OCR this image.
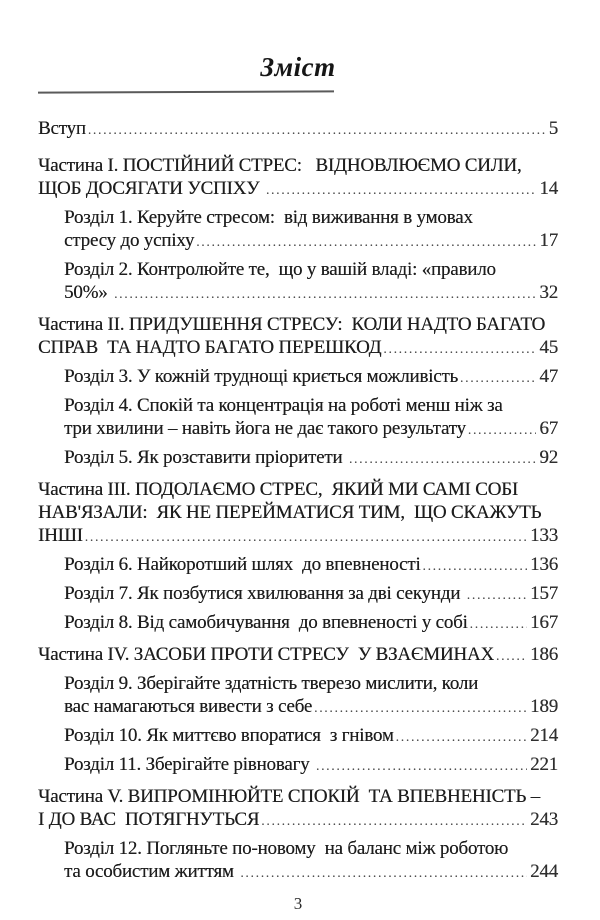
Зміст
Вступ .....	5
Частина I. ПОСТІЙНИЙ СТРЕС:   ВІДНОВЛЮЄМО СИЛИ,
ЩОБ ДОСЯГАТИ УСПІХУ .....	14
Розділ 1. Керуйте стресом:  від виживання в умовах
стресу до успіху .....	17
Розділ 2. Контролюйте те,  що у вашій владі: «правило
50%» .....	32
Частина II. ПРИДУШЕННЯ СТРЕСУ:  КОЛИ НАДТО БАГАТО
СПРАВ  ТА НАДТО БАГАТО ПЕРЕШКОД .....	45
Розділ 3. У кожній труднощі криється можливість .....	47
Розділ 4. Спокій та концентрація на роботі менш ніж за
три хвилини – навіть йога не дає такого результату .....	67
Розділ 5. Як розставити пріоритети .....	92
Частина III. ПОДОЛАЄМО СТРЕС,  ЯКИЙ МИ САМІ СОБІ
НАВ'ЯЗАЛИ:  ЯК НЕ ПЕРЕЙМАТИСЯ ТИМ,  ЩО СКАЖУТЬ
ІНШІ .....	133
Розділ 6. Найкоротший шлях  до впевненості .....	136
Розділ 7. Як позбутися хвилювання за дві секунди .....	157
Розділ 8. Від самобичування  до впевненості у собі .....	167
Частина IV. ЗАСОБИ ПРОТИ СТРЕСУ  У ВЗАЄМИНАХ ..... 186
Розділ 9. Зберігайте здатність тверезо мислити, коли
вас намагаються вивести з себе .....	189
Розділ 10. Як миттєво впоратися  з гнівом .....	214
Розділ 11. Зберігайте рівновагу .....	221
Частина V. ВИПРОМІНЮЙТЕ СПОКІЙ  ТА ВПЕВНЕНІСТЬ –
І ДО ВАС  ПОТЯГНУТЬСЯ .....	243
Розділ 12. Погляньте по-новому  на баланс між роботою
та особистим життям .....	244
3
